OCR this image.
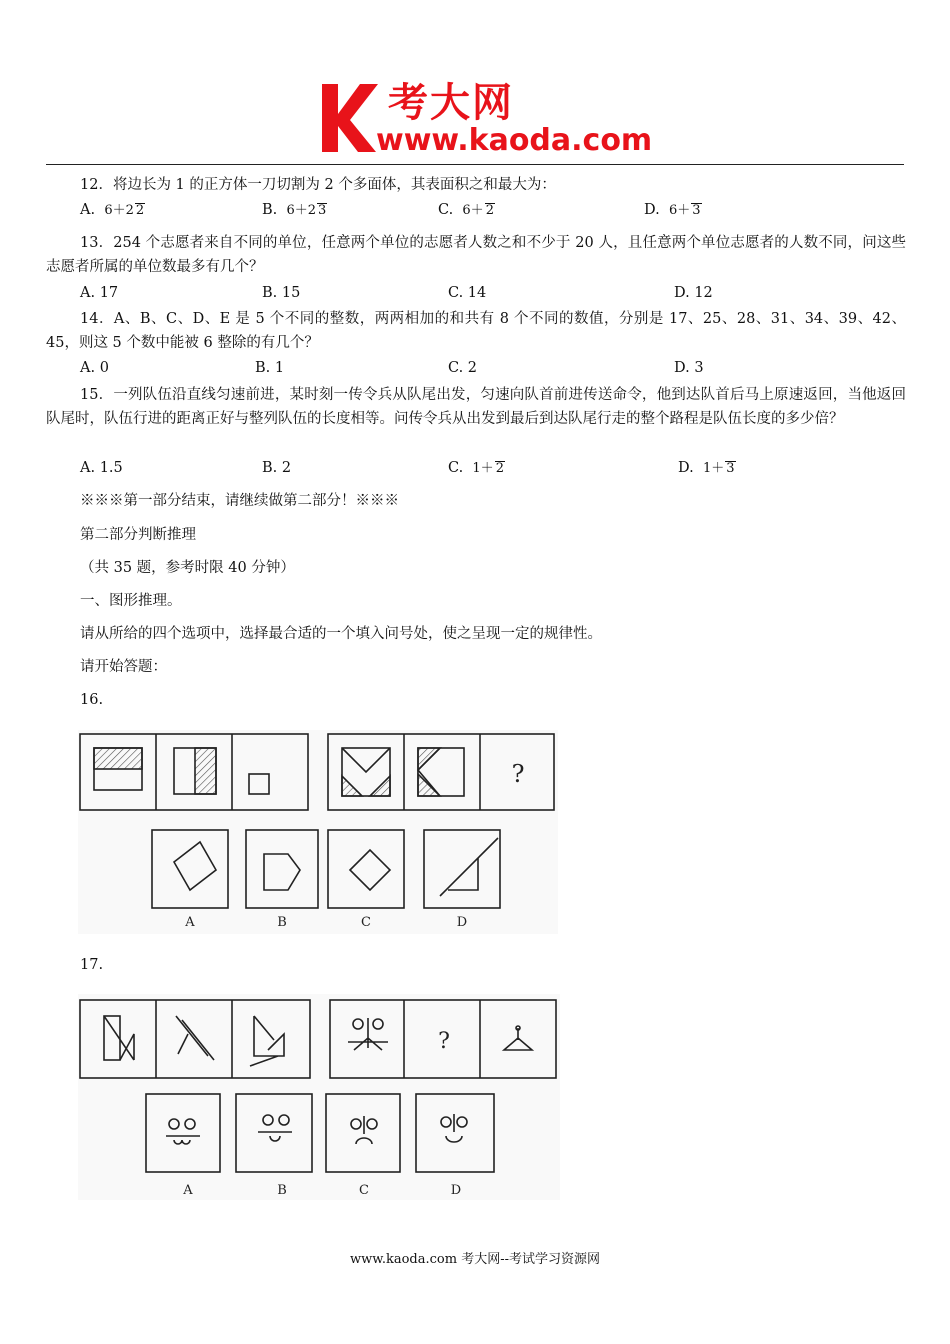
考大网
www.kaoda.com
12．将边长为 1 的正方体一刀切割为 2 个多面体，其表面积之和最大为：
A. 6＋2 2	B. 6＋2 3	C. 6＋ 2	D. 6＋ 3
13．254 个志愿者来自不同的单位，任意两个单位的志愿者人数之和不少于 20 人，且任意两个单位志愿者的人数不同，问这些志愿者所属的单位数最多有几个？
A. 17	B. 15	C. 14	D. 12
14．A、B、C、D、E 是 5 个不同的整数，两两相加的和共有 8 个不同的数值，分别是 17、25、28、31、34、39、42、45，则这 5 个数中能被 6 整除的有几个？
A. 0	B. 1	C. 2	D. 3
15．一列队伍沿直线匀速前进，某时刻一传令兵从队尾出发，匀速向队首前进传送命令，他到达队首后马上原速返回，当他返回队尾时，队伍行进的距离正好与整列队伍的长度相等。问传令兵从出发到最后到达队尾行走的整个路程是队伍长度的多少倍？
A. 1.5	B. 2	C. 1＋ 2	D. 1＋ 3
※※※第一部分结束，请继续做第二部分！※※※
第二部分判断推理
（共 35 题，参考时限 40 分钟）
一、图形推理。
请从所给的四个选项中，选择最合适的一个填入问号处，使之呈现一定的规律性。
请开始答题：
16.
?
A	B	C	D
17.
?
A	B	C	D
www.kaoda.com 考大网--考试学习资源网
